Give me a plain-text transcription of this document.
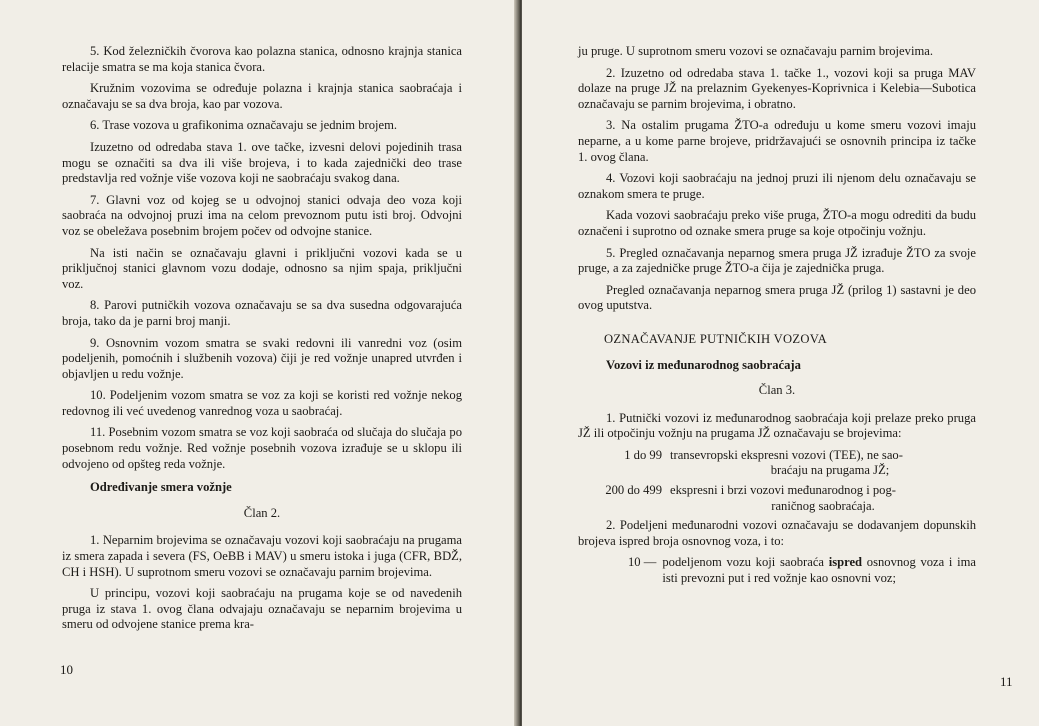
5. Kod železničkih čvorova kao polazna stanica, odnosno krajnja stanica relacije smatra se ma koja stanica čvora.

Kružnim vozovima se određuje polazna i krajnja stanica saobraćaja i označavaju se sa dva broja, kao par vozova.

6. Trase vozova u grafikonima označavaju se jednim brojem.

Izuzetno od odredaba stava 1. ove tačke, izvesni delovi pojedinih trasa mogu se označiti sa dva ili više brojeva, i to kada zajednički deo trase predstavlja red vožnje više vozova koji ne saobraćaju svakog dana.

7. Glavni voz od kojeg se u odvojnoj stanici odvaja deo voza koji saobraća na odvojnoj pruzi ima na celom prevoznom putu isti broj. Odvojni voz se obeležava posebnim brojem počev od odvojne stanice.

Na isti način se označavaju glavni i priključni vozovi kada se u priključnoj stanici glavnom vozu dodaje, odnosno sa njim spaja, priključni voz.

8. Parovi putničkih vozova označavaju se sa dva susedna odgovarajuća broja, tako da je parni broj manji.

9. Osnovnim vozom smatra se svaki redovni ili vanredni voz (osim podeljenih, pomoćnih i službenih vozova) čiji je red vožnje unapred utvrđen i objavljen u redu vožnje.

10. Podeljenim vozom smatra se voz za koji se koristi red vožnje nekog redovnog ili već uvedenog vanrednog voza u saobraćaj.

11. Posebnim vozom smatra se voz koji saobraća od slučaja do slučaja po posebnom redu vožnje. Red vožnje posebnih vozova izrađuje se u sklopu ili odvojeno od opšteg reda vožnje.

Određivanje smera vožnje

Član 2.

1. Neparnim brojevima se označavaju vozovi koji saobraćaju na prugama iz smera zapada i severa (FS, OeBB i MAV) u smeru istoka i juga (CFR, BDŽ, CH i HSH). U suprotnom smeru vozovi se označavaju parnim brojevima.

U principu, vozovi koji saobraćaju na prugama koje se od navedenih pruga iz stava 1. ovog člana odvajaju označavaju se neparnim brojevima u smeru od odvojene stanice prema kra-

10

ju pruge. U suprotnom smeru vozovi se označavaju parnim brojevima.

2. Izuzetno od odredaba stava 1. tačke 1., vozovi koji sa pruga MAV dolaze na pruge JŽ na prelaznim Gyekenyes-Koprivnica i Kelebia—Subotica označavaju se parnim brojevima, i obratno.

3. Na ostalim prugama ŽTO-a određuju u kome smeru vozovi imaju neparne, a u kome parne brojeve, pridržavajući se osnovnih principa iz tačke 1. ovog člana.

4. Vozovi koji saobraćaju na jednoj pruzi ili njenom delu označavaju se oznakom smera te pruge.

Kada vozovi saobraćaju preko više pruga, ŽTO-a mogu odrediti da budu označeni i suprotno od oznake smera pruge sa koje otpočinju vožnju.

5. Pregled označavanja neparnog smera pruga JŽ izrađuje ŽTO za svoje pruge, a za zajedničke pruge ŽTO-a čija je zajednička pruga.

Pregled označavanja neparnog smera pruga JŽ (prilog 1) sastavni je deo ovog uputstva.

OZNAČAVANJE PUTNIČKIH VOZOVA

Vozovi iz međunarodnog saobraćaja

Član 3.

1. Putnički vozovi iz međunarodnog saobraćaja koji prelaze preko pruga JŽ ili otpočinju vožnju na prugama JŽ označavaju se brojevima:

1 do 99 transevropski ekspresni vozovi (TEE), ne sao-
braćaju na prugama JŽ;
200 do 499 ekspresni i brzi vozovi međunarodnog i pog-
raničnog saobraćaja.

2. Podeljeni međunarodni vozovi označavaju se dodavanjem dopunskih brojeva ispred broja osnovnog voza, i to:

10 — podeljenom vozu koji saobraća ispred osnovnog voza i ima isti prevozni put i red vožnje kao osnovni voz;
11
